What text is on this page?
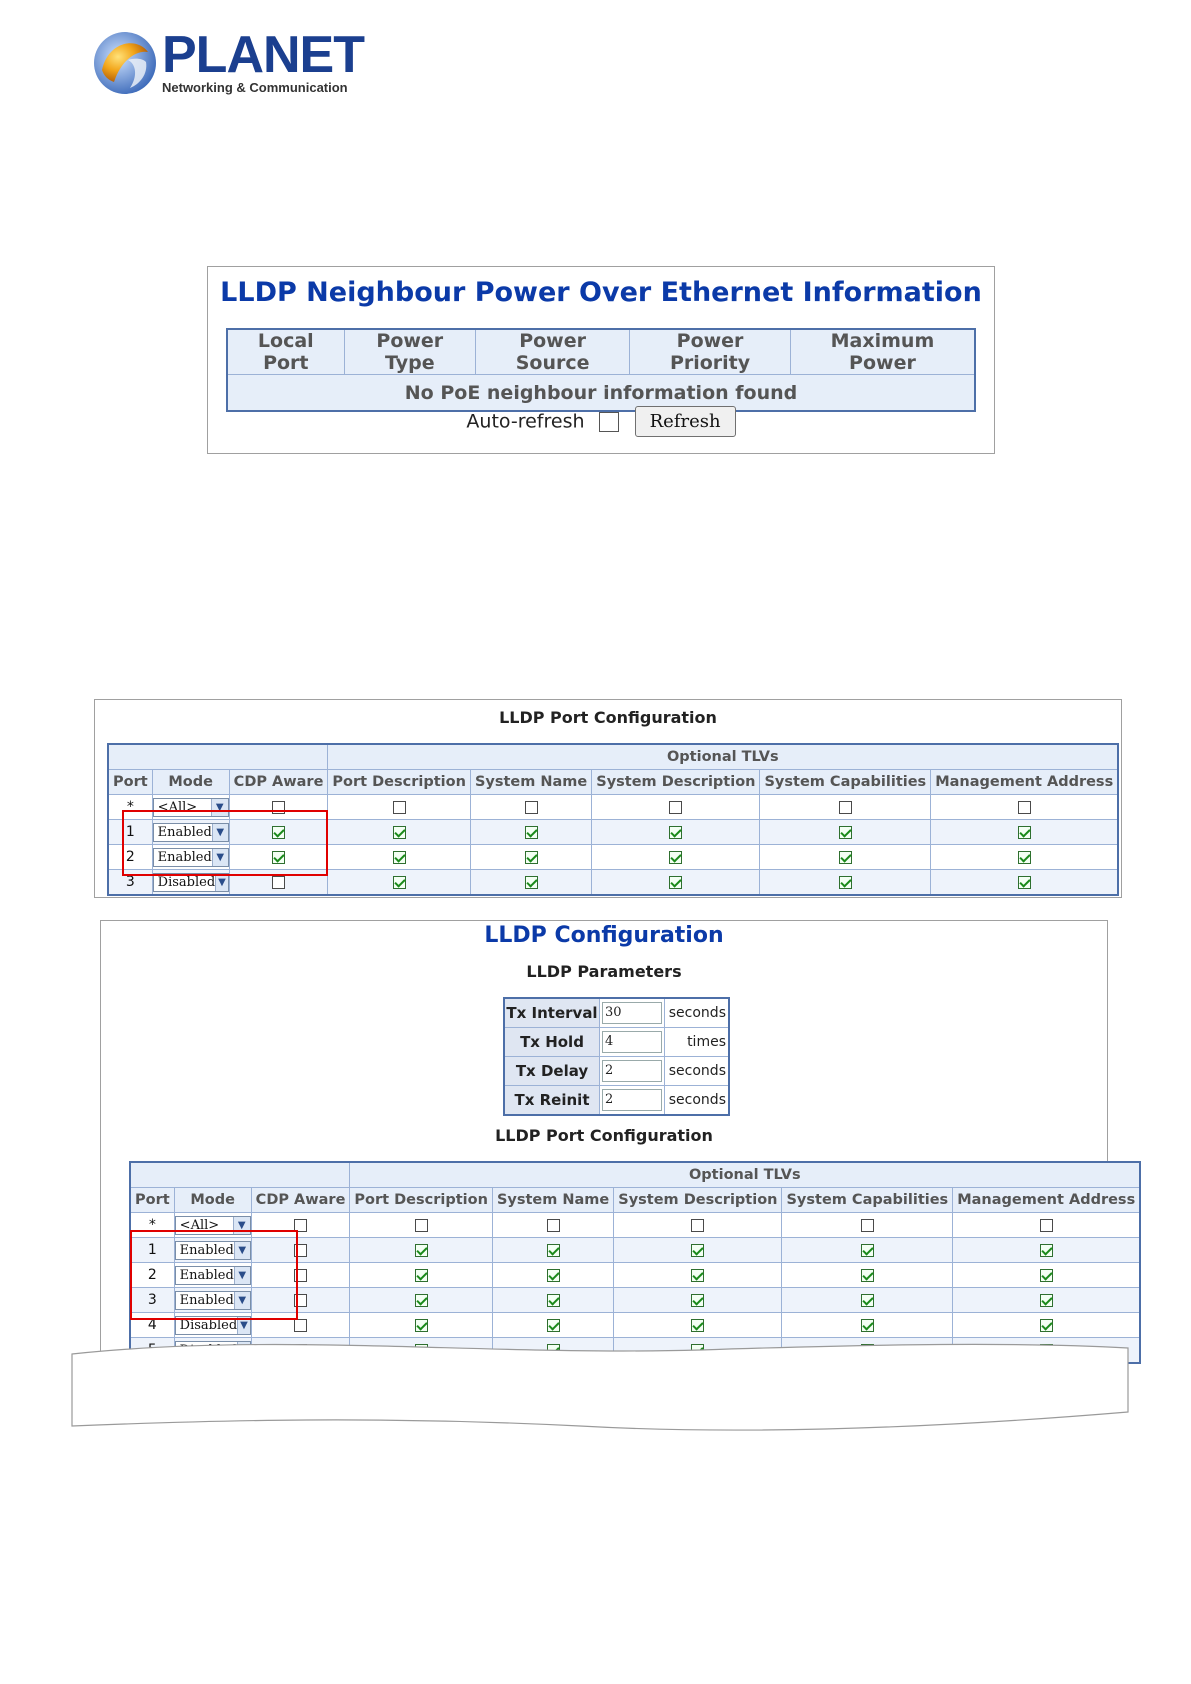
PLANET
Networking & Communication
LLDP Neighbour Power Over Ethernet Information
Local Port	Power Type	Power Source	Power Priority	Maximum Power
No PoE neighbour information found
Auto-refresh	Refresh
LLDP Port Configuration
			Optional TLVs				
Port	Mode	CDP Aware	Port Description	System Name	System Description	System Capabilities	Management Address
*	<All> ▼						

1	Enabled ▼						

2	Enabled ▼						

3	Disabled ▼						

LLDP Configuration
LLDP Parameters
Tx Interval	30	seconds
Tx Hold	4	times
Tx Delay	2	seconds
Tx Reinit	2	seconds
LLDP Port Configuration
			Optional TLVs				
Port	Mode	CDP Aware	Port Description	System Name	System Description	System Capabilities	Management Address
*	<All> ▼						

1	Enabled ▼						

2	Enabled ▼						

3	Enabled ▼						

4	Disabled ▼						
